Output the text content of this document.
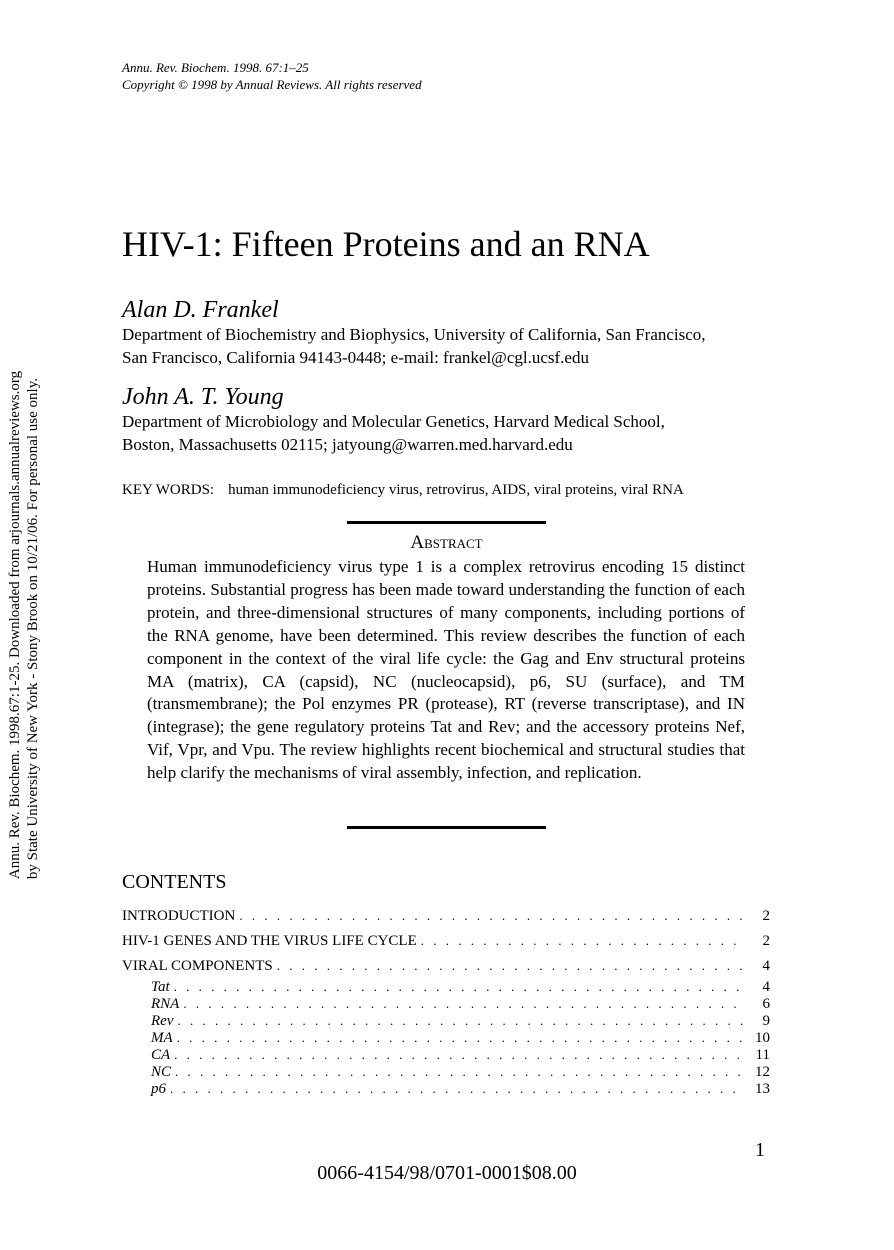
Annu. Rev. Biochem. 1998.67:1-25. Downloaded from arjournals.annualreviews.org by State University of New York - Stony Brook on 10/21/06. For personal use only.
Annu. Rev. Biochem. 1998. 67:1–25
Copyright © 1998 by Annual Reviews. All rights reserved
HIV-1: Fifteen Proteins and an RNA
Alan D. Frankel
Department of Biochemistry and Biophysics, University of California, San Francisco,
San Francisco, California 94143-0448; e-mail: frankel@cgl.ucsf.edu
John A. T. Young
Department of Microbiology and Molecular Genetics, Harvard Medical School,
Boston, Massachusetts 02115; jatyoung@warren.med.harvard.edu
KEY WORDS: human immunodeficiency virus, retrovirus, AIDS, viral proteins, viral RNA
Abstract
Human immunodeficiency virus type 1 is a complex retrovirus encoding 15 distinct proteins. Substantial progress has been made toward understanding the function of each protein, and three-dimensional structures of many components, including portions of the RNA genome, have been determined. This review describes the function of each component in the context of the viral life cycle: the Gag and Env structural proteins MA (matrix), CA (capsid), NC (nucleocapsid), p6, SU (surface), and TM (transmembrane); the Pol enzymes PR (protease), RT (reverse transcriptase), and IN (integrase); the gene regulatory proteins Tat and Rev; and the accessory proteins Nef, Vif, Vpr, and Vpu. The review highlights recent biochemical and structural studies that help clarify the mechanisms of viral assembly, infection, and replication.
CONTENTS
INTRODUCTION . . .	2
HIV-1 GENES AND THE VIRUS LIFE CYCLE . . .	2
VIRAL COMPONENTS . . .	4
Tat . . .	4
RNA . . .	6
Rev . . .	9
MA . . .	10
CA . . .	11
NC . . .	12
p6 . . .	13
1
0066-4154/98/0701-0001$08.00
